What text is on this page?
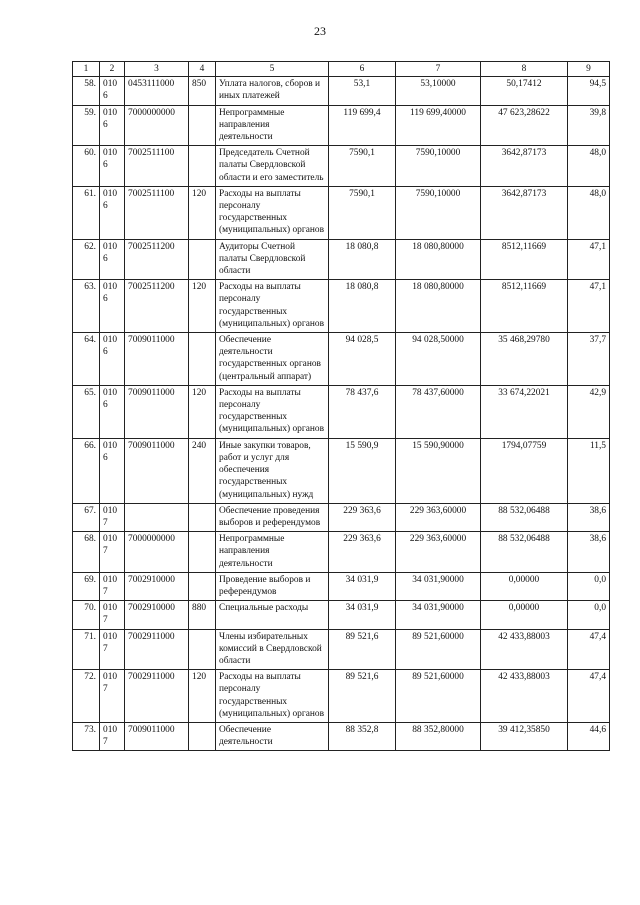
23
1	2	3	4	5	6	7	8	9
58.	0106	0453111000	850	Уплата налогов, сборов и иных платежей	53,1	53,10000	50,17412	94,5
59.	0106	7000000000		Непрограммные направления деятельности	119 699,4	119 699,40000	47 623,28622	39,8
60.	0106	7002511100		Председатель Счетной палаты Свердловской области и его заместитель	7590,1	7590,10000	3642,87173	48,0
61.	0106	7002511100	120	Расходы на выплаты персоналу государственных (муниципальных) органов	7590,1	7590,10000	3642,87173	48,0
62.	0106	7002511200		Аудиторы Счетной палаты Свердловской области	18 080,8	18 080,80000	8512,11669	47,1
63.	0106	7002511200	120	Расходы на выплаты персоналу государственных (муниципальных) органов	18 080,8	18 080,80000	8512,11669	47,1
64.	0106	7009011000		Обеспечение деятельности государственных органов (центральный аппарат)	94 028,5	94 028,50000	35 468,29780	37,7
65.	0106	7009011000	120	Расходы на выплаты персоналу государственных (муниципальных) органов	78 437,6	78 437,60000	33 674,22021	42,9
66.	0106	7009011000	240	Иные закупки товаров, работ и услуг для обеспечения государственных (муниципальных) нужд	15 590,9	15 590,90000	1794,07759	11,5
67.	0107			Обеспечение проведения выборов и референдумов	229 363,6	229 363,60000	88 532,06488	38,6
68.	0107	7000000000		Непрограммные направления деятельности	229 363,6	229 363,60000	88 532,06488	38,6
69.	0107	7002910000		Проведение выборов и референдумов	34 031,9	34 031,90000	0,00000	0,0
70.	0107	7002910000	880	Специальные расходы	34 031,9	34 031,90000	0,00000	0,0
71.	0107	7002911000		Члены избирательных комиссий в Свердловской области	89 521,6	89 521,60000	42 433,88003	47,4
72.	0107	7002911000	120	Расходы на выплаты персоналу государственных (муниципальных) органов	89 521,6	89 521,60000	42 433,88003	47,4
73.	0107	7009011000		Обеспечение деятельности	88 352,8	88 352,80000	39 412,35850	44,6
